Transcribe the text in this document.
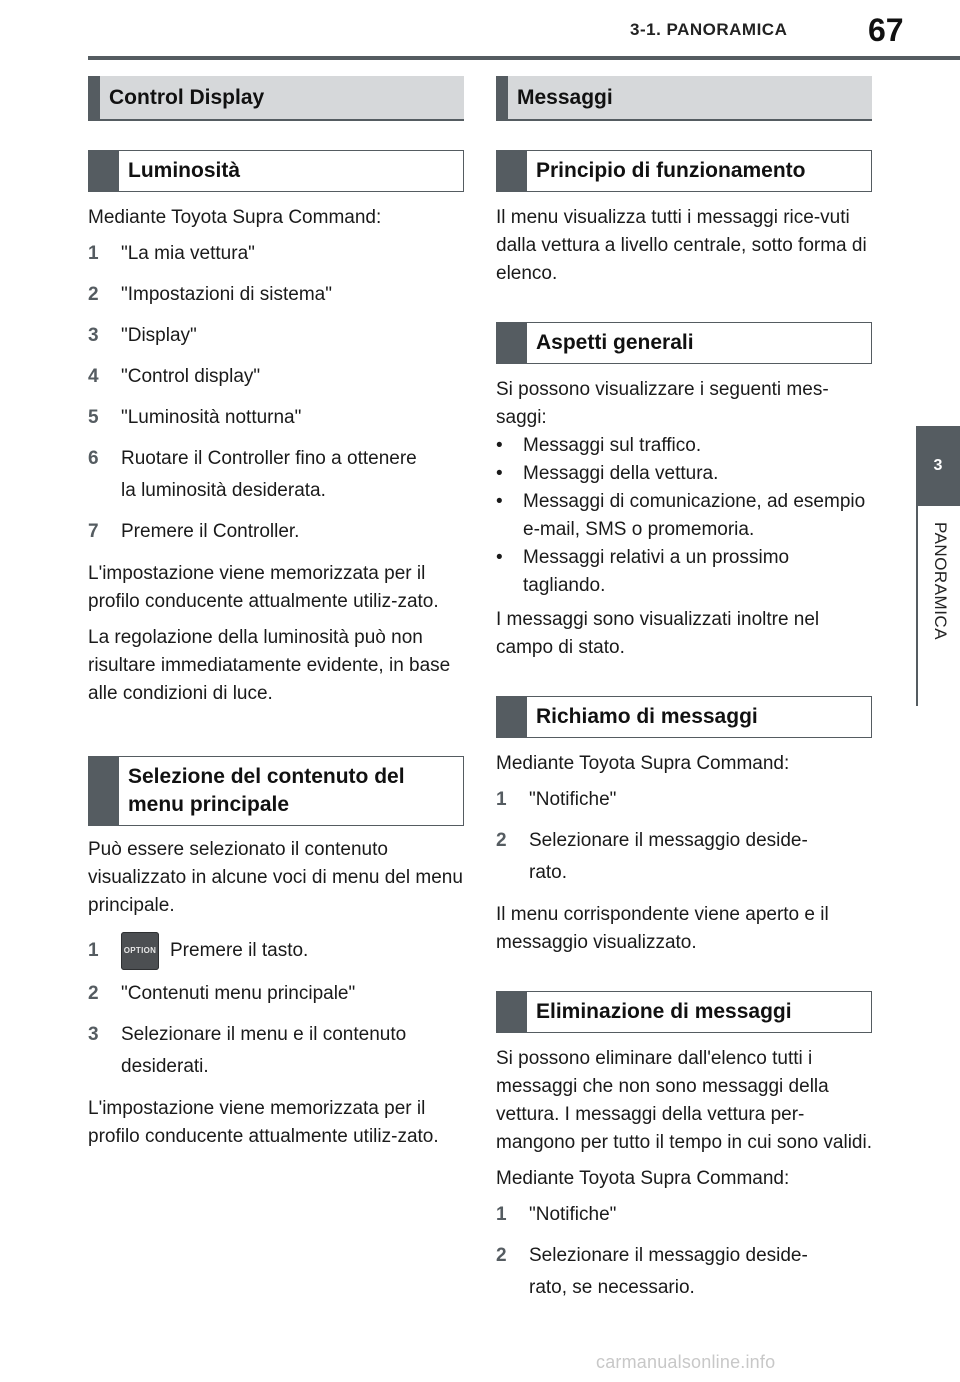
3-1. PANORAMICA	67
3
PANORAMICA
Control Display
Luminosità

Mediante Toyota Supra Command:

1	"La mia vettura"
2	"Impostazioni di sistema"
3	"Display"
4	"Control display"
5	"Luminosità notturna"
6	Ruotare il Controller fino a ottenere
la luminosità desiderata.
7	Premere il Controller.

L'impostazione viene memorizzata per il profilo conducente attualmente utiliz-zato.

La regolazione della luminosità può non risultare immediatamente evidente, in base alle condizioni di luce.

Selezione del contenuto del menu principale

Può essere selezionato il contenuto visualizzato in alcune voci di menu del menu principale.

1	OPTION Premere il tasto.
2	"Contenuti menu principale"
3	Selezionare il menu e il contenuto
desiderati.

L'impostazione viene memorizzata per il profilo conducente attualmente utiliz-zato.

Messaggi
Principio di funzionamento

Il menu visualizza tutti i messaggi rice-vuti dalla vettura a livello centrale, sotto forma di elenco.

Aspetti generali

Si possono visualizzare i seguenti mes-saggi:

•	Messaggi sul traffico.
•	Messaggi della vettura.
•	Messaggi di comunicazione, ad esempio e-mail, SMS o promemoria.
•	Messaggi relativi a un prossimo tagliando.

I messaggi sono visualizzati inoltre nel campo di stato.

Richiamo di messaggi

Mediante Toyota Supra Command:

1	"Notifiche"
2	Selezionare il messaggio deside-
rato.

Il menu corrispondente viene aperto e il messaggio visualizzato.

Eliminazione di messaggi

Si possono eliminare dall'elenco tutti i messaggi che non sono messaggi della vettura. I messaggi della vettura per-mangono per tutto il tempo in cui sono validi.

Mediante Toyota Supra Command:

1	"Notifiche"
2	Selezionare il messaggio deside-
rato, se necessario.
carmanualsonline.info
